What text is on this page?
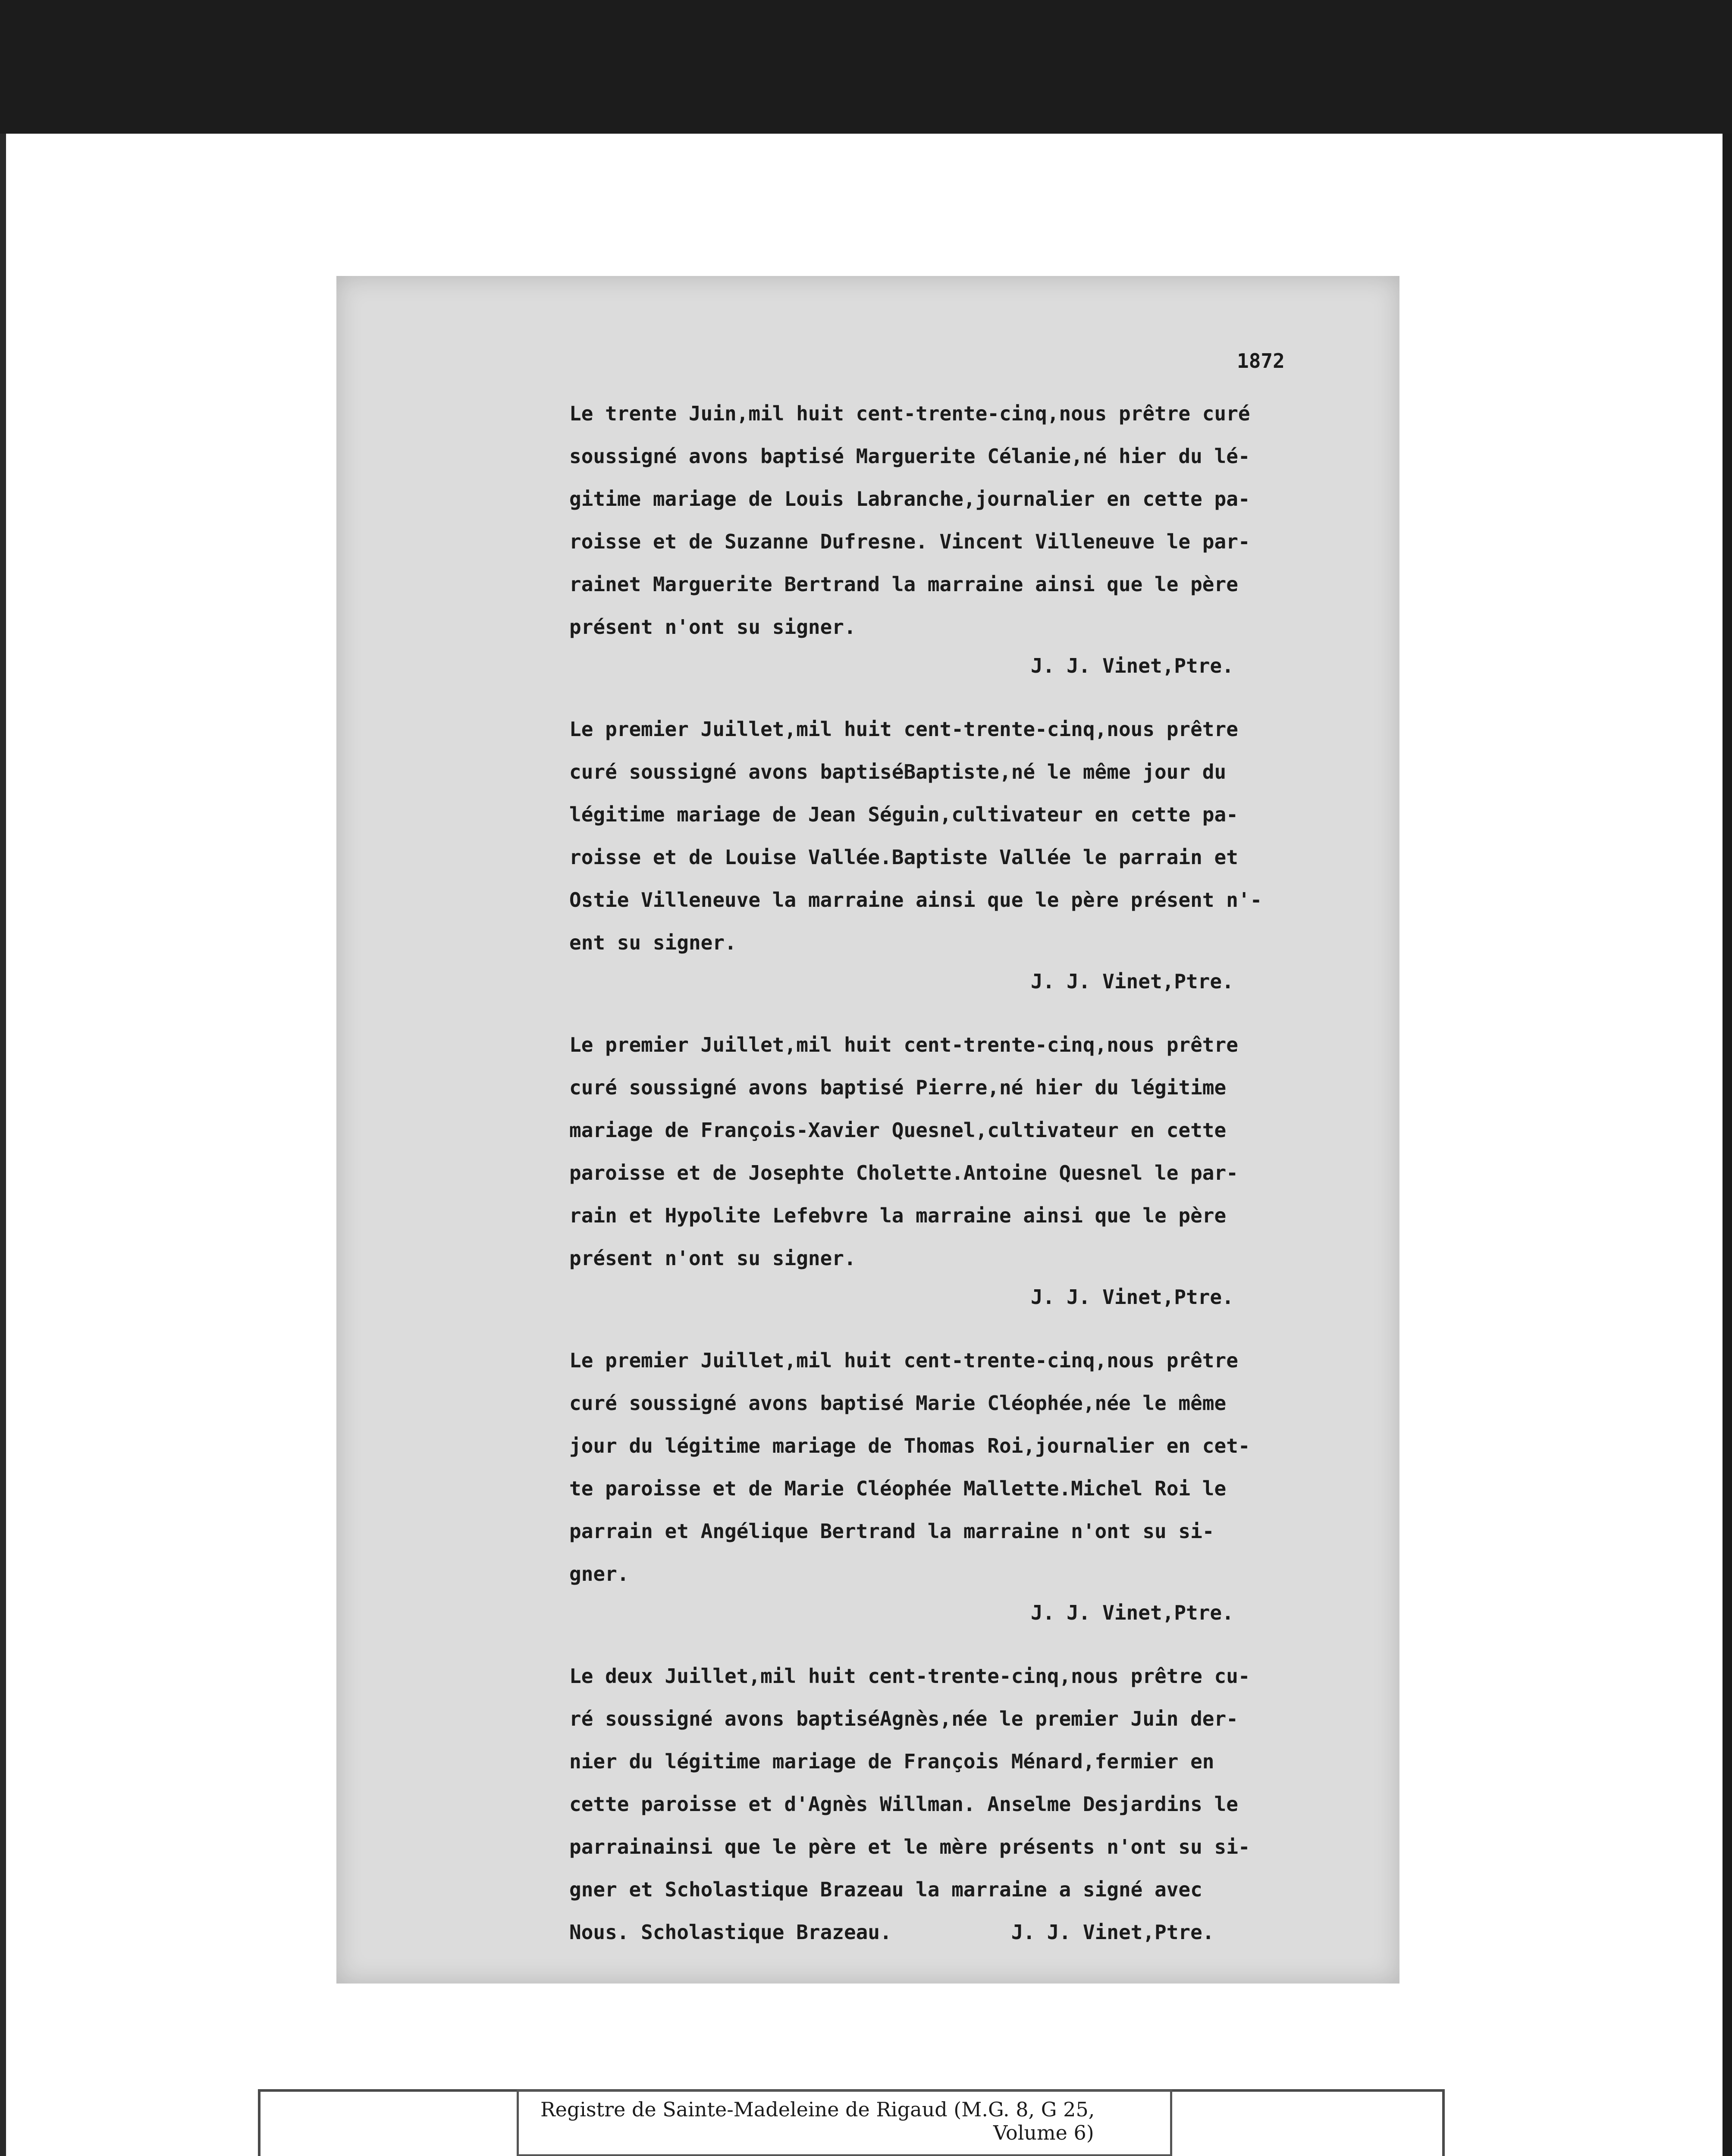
1872

Le trente Juin,mil huit cent-trente-cinq,nous prêtre curé
soussigné avons baptisé Marguerite Célanie,né hier du lé-
gitime mariage de Louis Labranche,journalier en cette pa-
roisse et de Suzanne Dufresne. Vincent Villeneuve le par-
rainet Marguerite Bertrand la marraine ainsi que le père
présent n'ont su signer.

J. J. Vinet,Ptre.

Le premier Juillet,mil huit cent-trente-cinq,nous prêtre
curé soussigné avons baptiséBaptiste,né le même jour du
légitime mariage de Jean Séguin,cultivateur en cette pa-
roisse et de Louise Vallée.Baptiste Vallée le parrain et
Ostie Villeneuve la marraine ainsi que le père présent n'-
ent su signer.

J. J. Vinet,Ptre.

Le premier Juillet,mil huit cent-trente-cinq,nous prêtre
curé soussigné avons baptisé Pierre,né hier du légitime
mariage de François-Xavier Quesnel,cultivateur en cette
paroisse et de Josephte Cholette.Antoine Quesnel le par-
rain et Hypolite Lefebvre la marraine ainsi que le père
présent n'ont su signer.

J. J. Vinet,Ptre.

Le premier Juillet,mil huit cent-trente-cinq,nous prêtre
curé soussigné avons baptisé Marie Cléophée,née le même
jour du légitime mariage de Thomas Roi,journalier en cet-
te paroisse et de Marie Cléophée Mallette.Michel Roi le
parrain et Angélique Bertrand la marraine n'ont su si-
gner.

J. J. Vinet,Ptre.

Le deux Juillet,mil huit cent-trente-cinq,nous prêtre cu-
ré soussigné avons baptiséAgnès,née le premier Juin der-
nier du légitime mariage de François Ménard,fermier en
cette paroisse et d'Agnès Willman. Anselme Desjardins le
parrainainsi que le père et le mère présents n'ont su si-
gner et Scholastique Brazeau la marraine a signé avec

Nous. Scholastique Brazeau.          J. J. Vinet,Ptre.
Registre de Sainte-Madeleine de Rigaud (M.G. 8, G 25,
Volume 6)
